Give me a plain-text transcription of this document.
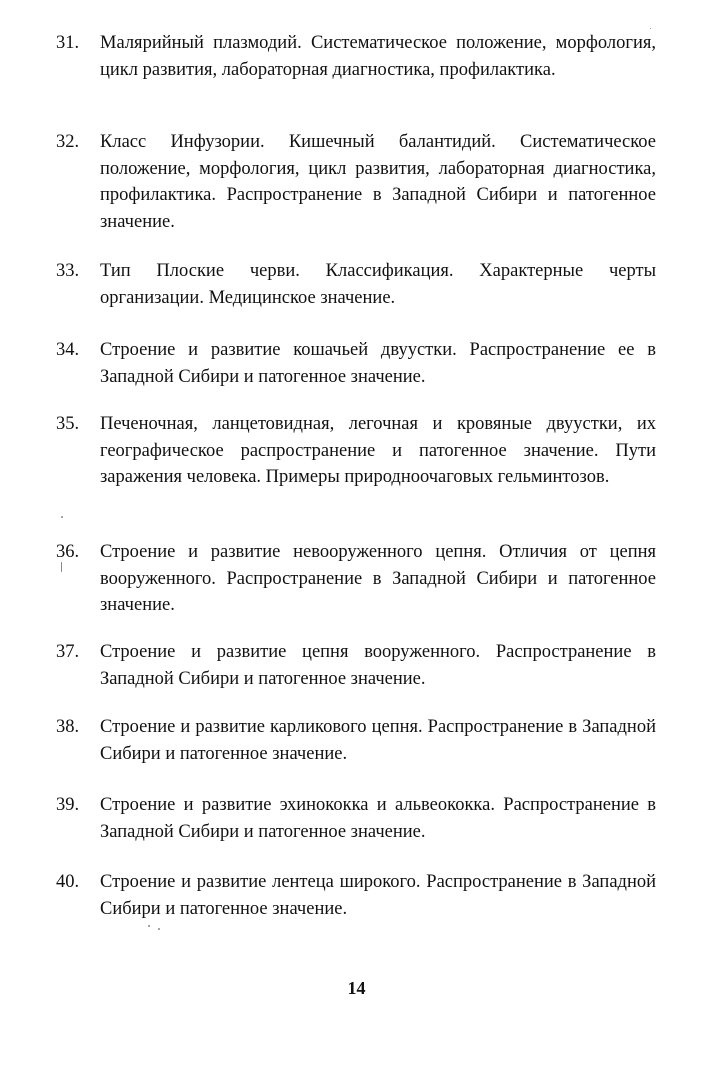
31.	Малярийный плазмодий. Систематическое положение, морфология, цикл развития, лабораторная диагностика, профилактика.
32.	Класс Инфузории. Кишечный балантидий. Систематическое положение, морфология, цикл развития, лабораторная диагностика, профилактика. Распространение в Западной Сибири и патогенное значение.
33.	Тип Плоские черви. Классификация. Характерные черты организации. Медицинское значение.
34.	Строение и развитие кошачьей двуустки. Распространение ее в Западной Сибири и патогенное значение.
35.	Печеночная, ланцетовидная, легочная и кровяные двуустки, их географическое распространение и патогенное значение. Пути заражения человека. Примеры природноочаговых гельминтозов.
36.	Строение и развитие невооруженного цепня. Отличия от цепня вооруженного. Распространение в Западной Сибири и патогенное значение.
37.	Строение и развитие цепня вооруженного. Распространение в Западной Сибири и патогенное значение.
38.	Строение и развитие карликового цепня. Распространение в Западной Сибири и патогенное значение.
39.	Строение и развитие эхинококка и альвеококка. Распространение в Западной Сибири и патогенное значение.
40.	Строение и развитие лентеца широкого. Распространение в Западной Сибири и патогенное значение.
14
